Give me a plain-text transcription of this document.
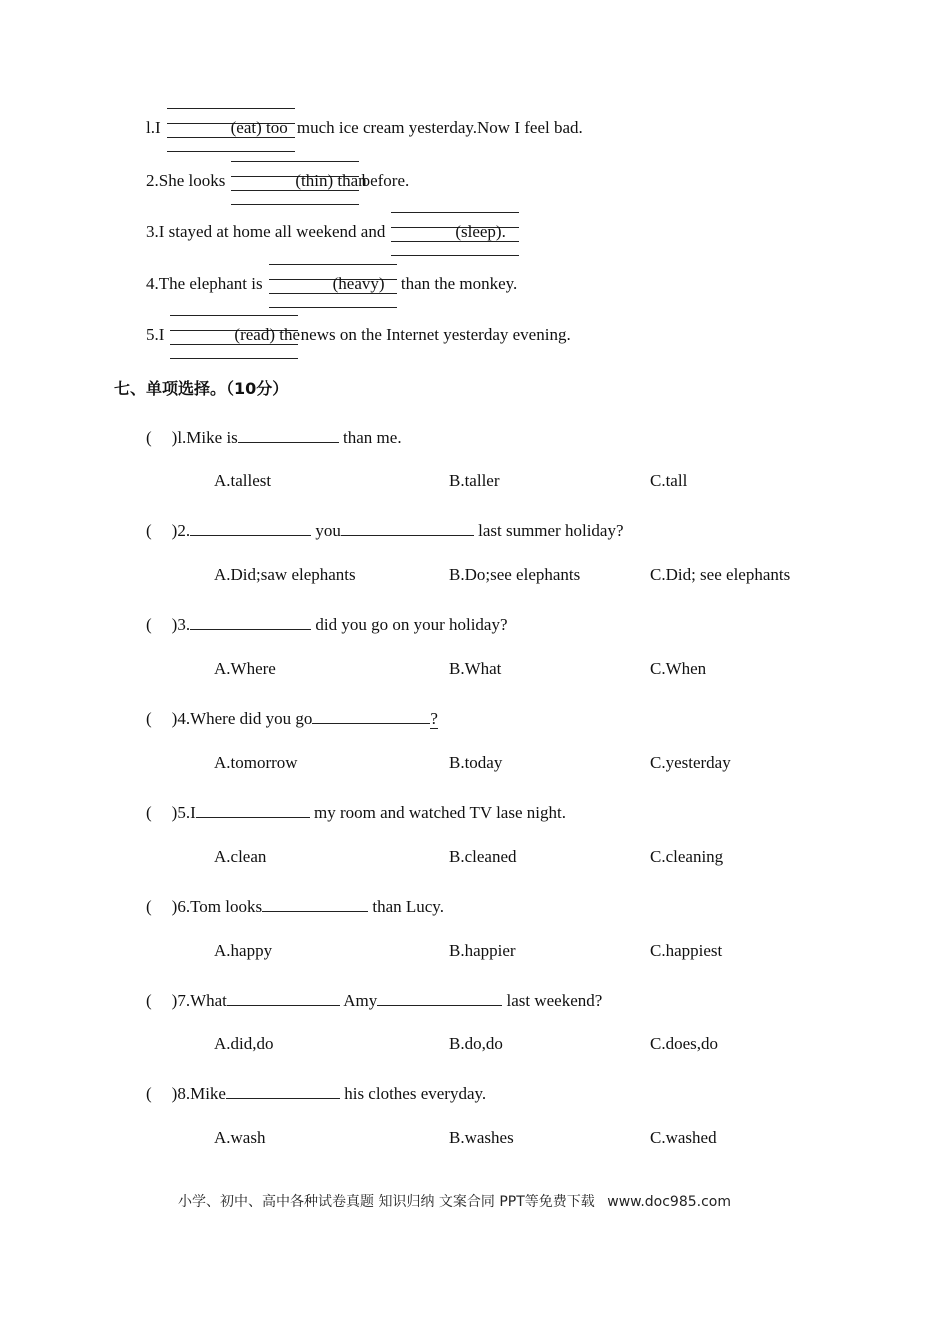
l.I	(eat) too much ice cream yesterday.Now I feel bad.
2.She looks	(thin) than
before.
3.I stayed at home all weekend and	(sleep).
4.The elephant is	(heavy) than the monkey.
5.I	(read) the news on the Internet yesterday evening.
七、单项选择。（10分）
( )l.Mike is	than me.
A.tallest	B.taller	C.tall
( )2.	you	last summer holiday?
A.Did;saw elephants	B.Do;see elephants	C.Did; see elephants
( )3.	did you go on your holiday?
A.Where	B.What	C.When
( )4.Where did you go	?
A.tomorrow	B.today	C.yesterday
( )5.I	my room and watched TV lase night.
A.clean	B.cleaned	C.cleaning
( )6.Tom looks	than Lucy.
A.happy	B.happier	C.happiest
( )7.What	Amy	last weekend?
A.did,do	B.do,do	C.does,do
( )8.Mike	his clothes everyday.
A.wash	B.washes	C.washed
小学、初中、高中各种试卷真题 知识归纳 文案合同 PPT等免费下载 www.doc985.com
